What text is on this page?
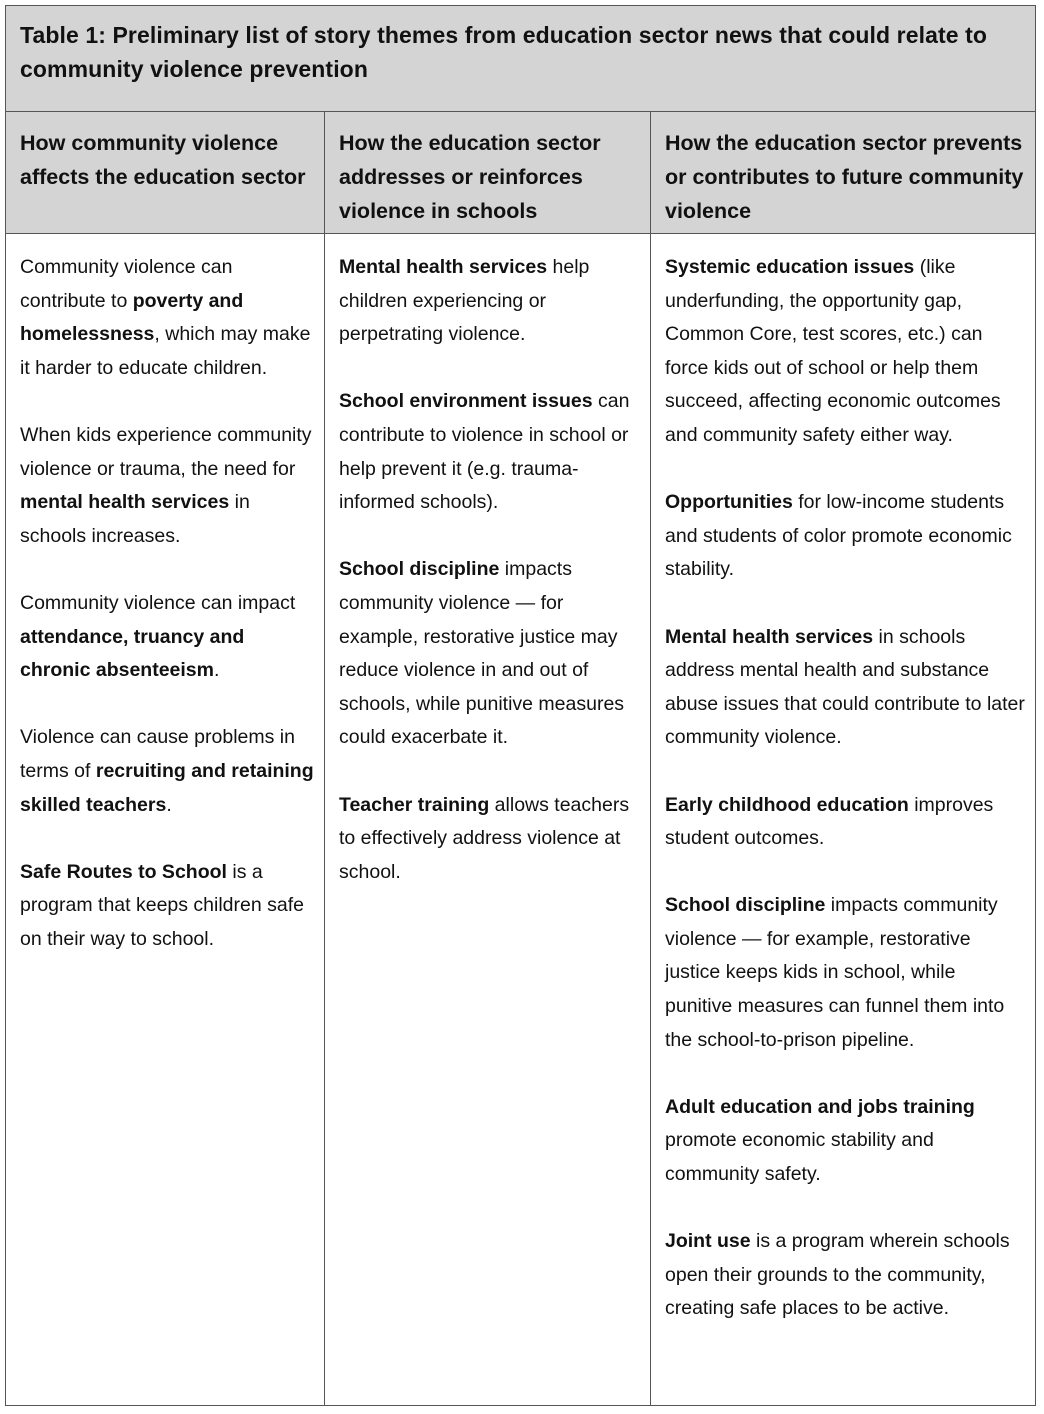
Table 1: Preliminary list of story themes from education sector news that could relate to community violence prevention
How community violence affects the education sector
How the education sector addresses or reinforces violence in schools
How the education sector prevents or contributes to future community violence

Community violence can contribute to poverty and homelessness, which may make it harder to educate children.

When kids experience community violence or trauma, the need for mental health services in schools increases.

Community violence can impact attendance, truancy and chronic absenteeism.

Violence can cause problems in terms of recruiting and retaining skilled teachers.

Safe Routes to School is a program that keeps children safe on their way to school.

Mental health services help children experiencing or perpetrating violence.

School environment issues can contribute to violence in school or help prevent it (e.g. trauma-informed schools).

School discipline impacts community violence — for example, restorative justice may reduce violence in and out of schools, while punitive measures could exacerbate it.

Teacher training allows teachers to effectively address violence at school.

Systemic education issues (like underfunding, the opportunity gap, Common Core, test scores, etc.) can force kids out of school or help them succeed, affecting economic outcomes and community safety either way.

Opportunities for low-income students and students of color promote economic stability.

Mental health services in schools address mental health and substance abuse issues that could contribute to later community violence.

Early childhood education improves student outcomes.

School discipline impacts community violence — for example, restorative justice keeps kids in school, while punitive measures can funnel them into the school-to-prison pipeline.

Adult education and jobs training promote economic stability and community safety.

Joint use is a program wherein schools open their grounds to the community, creating safe places to be active.
